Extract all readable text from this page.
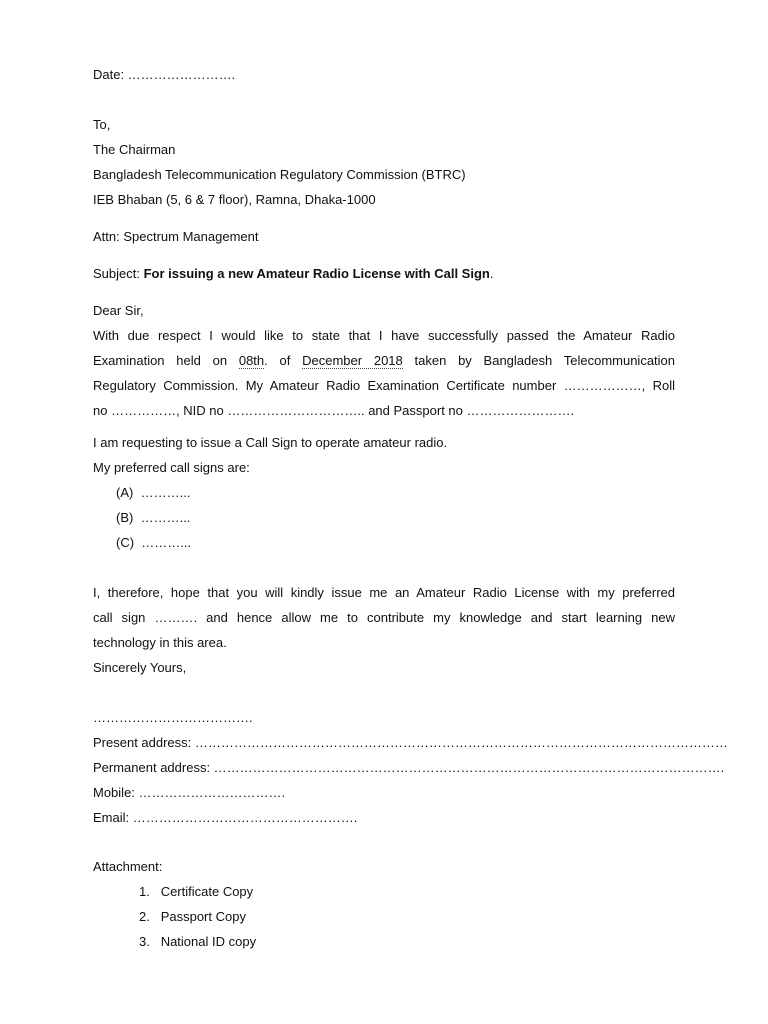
Date: …………………….
To,
The Chairman
Bangladesh Telecommunication Regulatory Commission (BTRC)
IEB Bhaban (5, 6 & 7 floor), Ramna, Dhaka-1000
Attn: Spectrum Management
Subject: For issuing a new Amateur Radio License with Call Sign.
Dear Sir,
With due respect I would like to state that I have successfully passed the Amateur Radio
Examination held on 08th. of December 2018 taken by Bangladesh Telecommunication
Regulatory Commission. My Amateur Radio Examination Certificate number ………………, Roll
no ……………, NID no ………………………….. and Passport no …………………….
I am requesting to issue a Call Sign to operate amateur radio.
My preferred call signs are:
(A) ………...
(B) ………...
(C) ………...
I, therefore, hope that you will kindly issue me an Amateur Radio License with my preferred
call sign ………. and hence allow me to contribute my knowledge and start learning new
technology in this area.
Sincerely Yours,
……………………………….
Present address: ……………………………………………………………………………………………………………
Permanent address: ……………………………………………………………………………………………………….
Mobile: …………………………….
Email: …………………………………………….
Attachment:
1. Certificate Copy
2. Passport Copy
3. National ID copy
